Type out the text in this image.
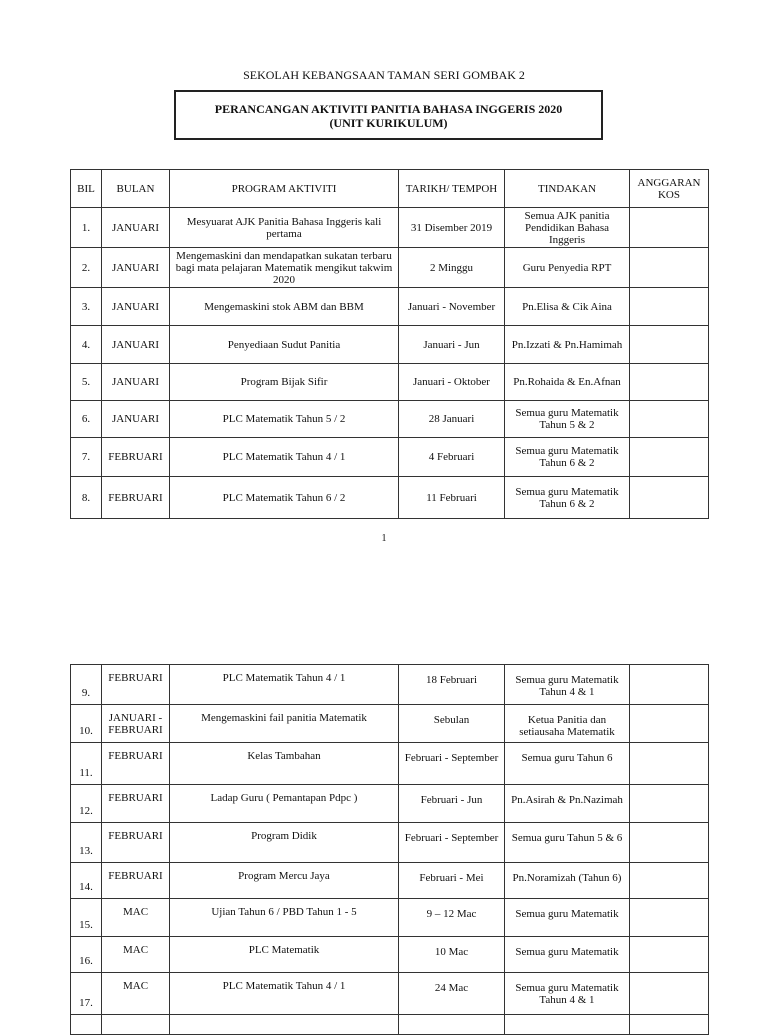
SEKOLAH KEBANGSAAN TAMAN SERI GOMBAK 2
PERANCANGAN AKTIVITI PANITIA BAHASA INGGERIS 2020
(UNIT KURIKULUM)
BIL	BULAN	PROGRAM AKTIVITI	TARIKH/ TEMPOH	TINDAKAN	ANGGARAN KOS
1.	JANUARI	Mesyuarat AJK Panitia Bahasa Inggeris kali pertama	31 Disember 2019	Semua AJK panitia Pendidikan Bahasa Inggeris	
2.	JANUARI	Mengemaskini dan mendapatkan sukatan terbaru bagi mata pelajaran Matematik mengikut takwim 2020	2 Minggu	Guru Penyedia RPT	
3.	JANUARI	Mengemaskini stok ABM dan BBM	Januari - November	Pn.Elisa & Cik Aina	
4.	JANUARI	Penyediaan Sudut Panitia	Januari - Jun	Pn.Izzati & Pn.Hamimah	
5.	JANUARI	Program Bijak Sifir	Januari - Oktober	Pn.Rohaida & En.Afnan	
6.	JANUARI	PLC Matematik Tahun 5 / 2	28 Januari	Semua guru Matematik Tahun 5 & 2	
7.	FEBRUARI	PLC Matematik Tahun 4 / 1	4 Februari	Semua guru Matematik Tahun 6 & 2	
8.	FEBRUARI	PLC Matematik Tahun 6 / 2	11 Februari	Semua guru Matematik Tahun 6 & 2	
1
9.	FEBRUARI	PLC Matematik Tahun 4 / 1	18 Februari	Semua guru Matematik Tahun 4 & 1	
10.	JANUARI - FEBRUARI	Mengemaskini fail panitia Matematik	Sebulan	Ketua Panitia dan setiausaha Matematik	
11.	FEBRUARI	Kelas Tambahan	Februari - September	Semua guru Tahun 6	
12.	FEBRUARI	Ladap Guru ( Pemantapan Pdpc )	Februari - Jun	Pn.Asirah & Pn.Nazimah	
13.	FEBRUARI	Program Didik	Februari - September	Semua guru Tahun 5 & 6	
14.	FEBRUARI	Program Mercu Jaya	Februari - Mei	Pn.Noramizah (Tahun 6)	
15.	MAC	Ujian Tahun 6 / PBD Tahun 1 - 5	9 – 12 Mac	Semua guru Matematik	
16.	MAC	PLC Matematik	10 Mac	Semua guru Matematik	
17.	MAC	PLC Matematik Tahun 4 / 1	24 Mac	Semua guru Matematik Tahun 4 & 1	
